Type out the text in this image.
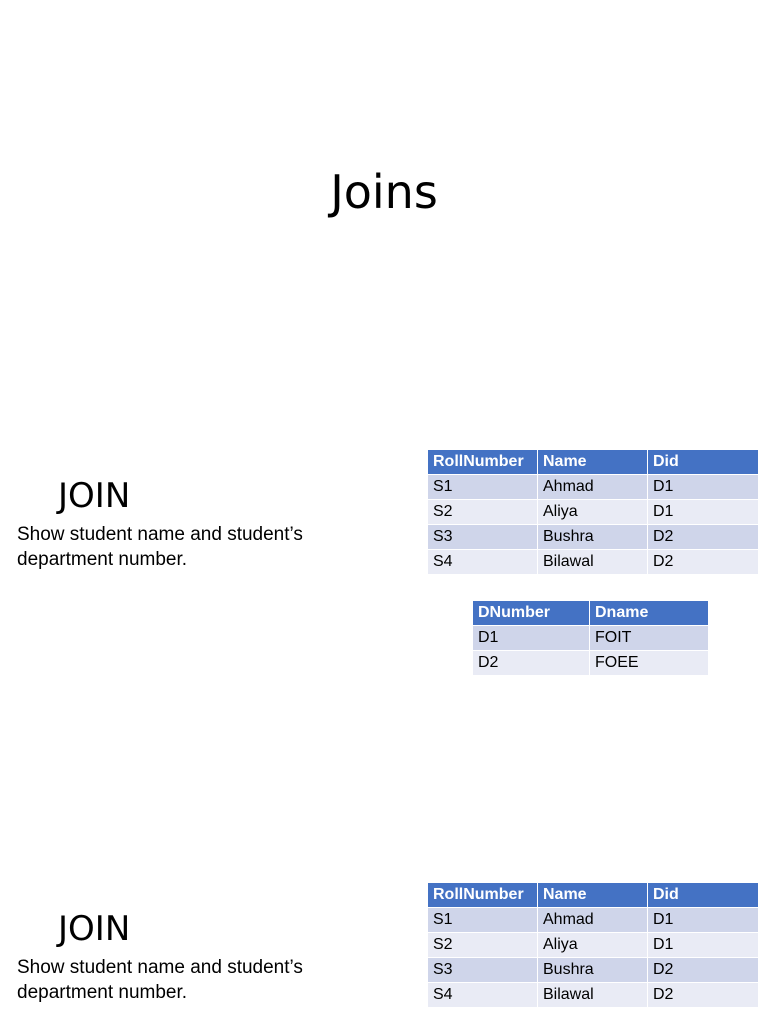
Joins
JOIN
Show student name and student’s department number.
RollNumber	Name	Did
S1	Ahmad	D1
S2	Aliya	D1
S3	Bushra	D2
S4	Bilawal	D2
DNumber	Dname
D1	FOIT
D2	FOEE
JOIN
Show student name and student’s department number.
RollNumber	Name	Did
S1	Ahmad	D1
S2	Aliya	D1
S3	Bushra	D2
S4	Bilawal	D2
